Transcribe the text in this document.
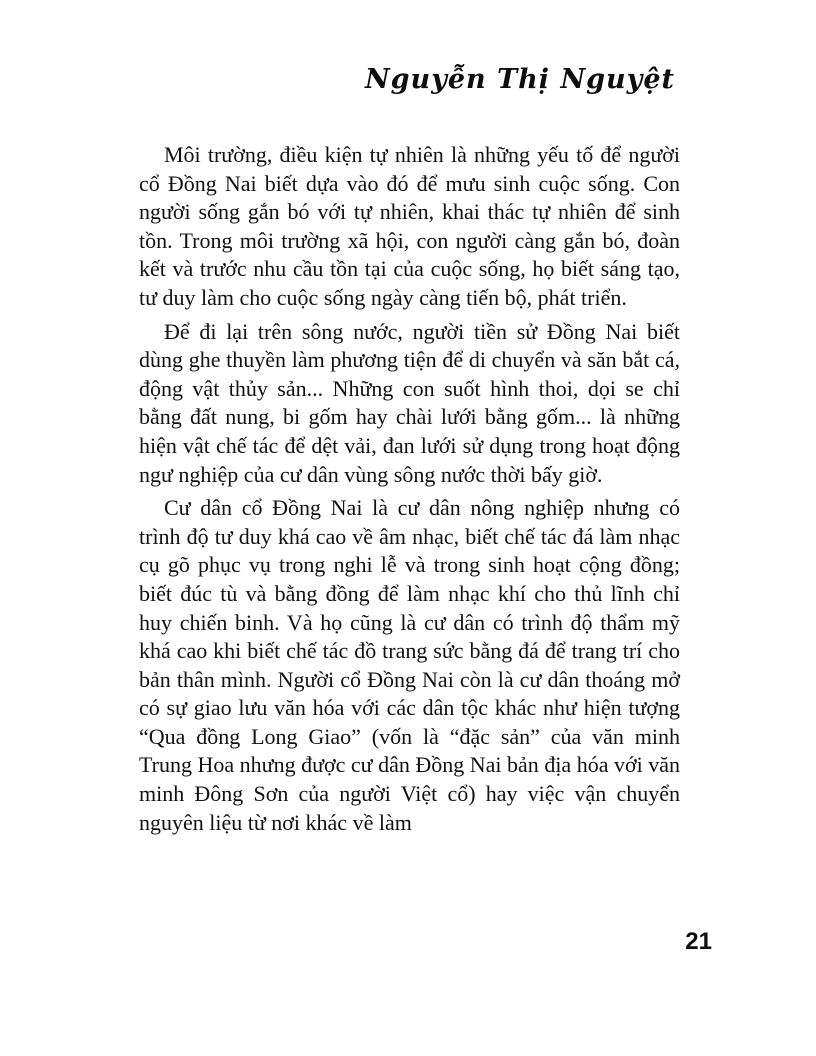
Nguyễn Thị Nguyệt

Môi trường, điều kiện tự nhiên là những yếu tố để người cổ Đồng Nai biết dựa vào đó để mưu sinh cuộc sống. Con người sống gắn bó với tự nhiên, khai thác tự nhiên để sinh tồn. Trong môi trường xã hội, con người càng gắn bó, đoàn kết và trước nhu cầu tồn tại của cuộc sống, họ biết sáng tạo, tư duy làm cho cuộc sống ngày càng tiến bộ, phát triển.

Để đi lại trên sông nước, người tiền sử Đồng Nai biết dùng ghe thuyền làm phương tiện để di chuyển và săn bắt cá, động vật thủy sản... Những con suốt hình thoi, dọi se chỉ bằng đất nung, bi gốm hay chài lưới bằng gốm... là những hiện vật chế tác để dệt vải, đan lưới sử dụng trong hoạt động ngư nghiệp của cư dân vùng sông nước thời bấy giờ.

Cư dân cổ Đồng Nai là cư dân nông nghiệp nhưng có trình độ tư duy khá cao về âm nhạc, biết chế tác đá làm nhạc cụ gõ phục vụ trong nghi lễ và trong sinh hoạt cộng đồng; biết đúc tù và bằng đồng để làm nhạc khí cho thủ lĩnh chỉ huy chiến binh. Và họ cũng là cư dân có trình độ thẩm mỹ khá cao khi biết chế tác đồ trang sức bằng đá để trang trí cho bản thân mình. Người cổ Đồng Nai còn là cư dân thoáng mở có sự giao lưu văn hóa với các dân tộc khác như hiện tượng “Qua đồng Long Giao” (vốn là “đặc sản” của văn minh Trung Hoa nhưng được cư dân Đồng Nai bản địa hóa với văn minh Đông Sơn của người Việt cổ) hay việc vận chuyển nguyên liệu từ nơi khác về làm

21
